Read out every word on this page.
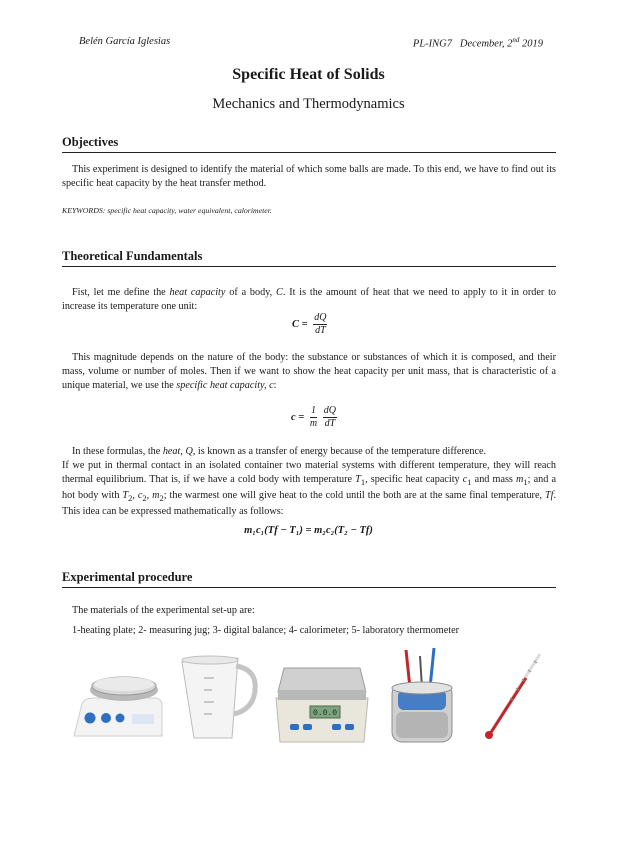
Belén García Iglesias	PL-ING7 December, 2nd 2019
Specific Heat of Solids
Mechanics and Thermodynamics
Objectives
This experiment is designed to identify the material of which some balls are made. To this end, we have to find out its specific heat capacity by the heat transfer method.
KEYWORDS: specific heat capacity, water equivalent, calorimeter.
Theoretical Fundamentals
Fist, let me define the heat capacity of a body, C. It is the amount of heat that we need to apply to it in order to increase its temperature one unit:
$C = \frac{dQ}{dT}$
This magnitude depends on the nature of the body: the substance or substances of which it is composed, and their mass, volume or number of moles. Then if we want to show the heat capacity per unit mass, that is characteristic of a unique material, we use the specific heat capacity, c:
$c = \frac{1}{m}$
$\frac{dQ}{dT}$
In these formulas, the heat, Q, is known as a transfer of energy because of the temperature difference.
If we put in thermal contact in an isolated container two material systems with different temperature, they will reach thermal equilibrium. That is, if we have a cold body with temperature $T_1$, specific heat capacity $c_1$ and mass $m_1$; and a hot body with $T_2$, $c_2$, $m_2$; the warmest one will give heat to the cold until the both are at the same final temperature, Tf. This idea can be expressed mathematically as follows:
m₁c₁(Tf − T₁) = m₂c₂(T₂ − Tf)
Experimental procedure
The materials of the experimental set-up are:
1-heating plate; 2- measuring jug; 3- digital balance; 4- calorimeter; 5- laboratory thermometer
0.0.0
